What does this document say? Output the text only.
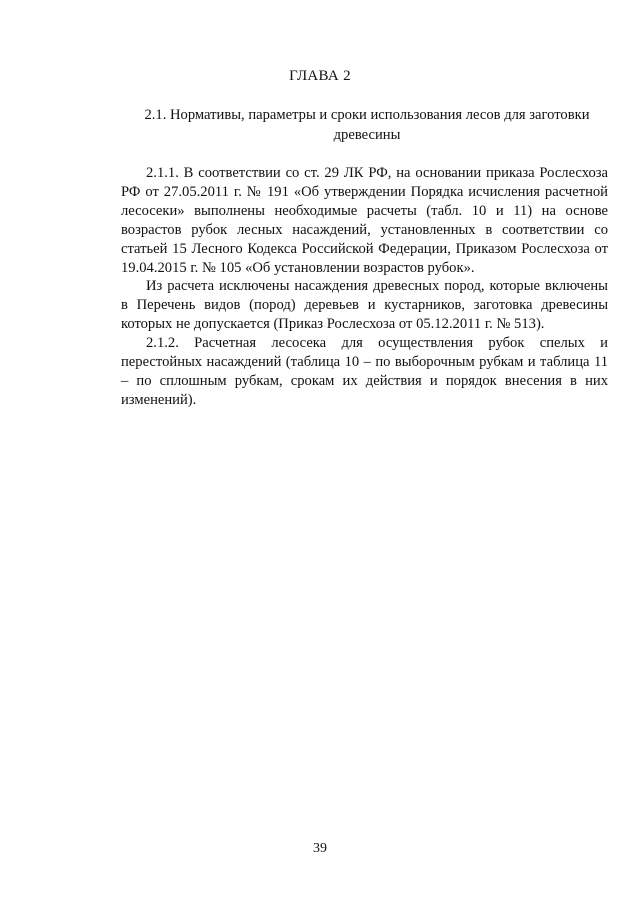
ГЛАВА 2
2.1. Нормативы, параметры и сроки использования лесов для заготовки древесины

2.1.1. В соответствии со ст. 29 ЛК РФ, на основании приказа Рослесхоза РФ от 27.05.2011 г. № 191 «Об утверждении Порядка исчисления расчетной лесосеки» выполнены необходимые расчеты (табл. 10 и 11) на основе возрастов рубок лесных насаждений, установленных в соответствии со статьей 15 Лесного Кодекса Российской Федерации, Приказом Рослесхоза от 19.04.2015 г. № 105 «Об установлении возрастов рубок».

Из расчета исключены насаждения древесных пород, которые включены в Перечень видов (пород) деревьев и кустарников, заготовка древесины которых не допускается (Приказ Рослесхоза от 05.12.2011 г. № 513).

2.1.2. Расчетная лесосека для осуществления рубок спелых и перестойных насаждений (таблица 10 – по выборочным рубкам и таблица 11 – по сплошным рубкам, срокам их действия и порядок внесения в них изменений).

39
